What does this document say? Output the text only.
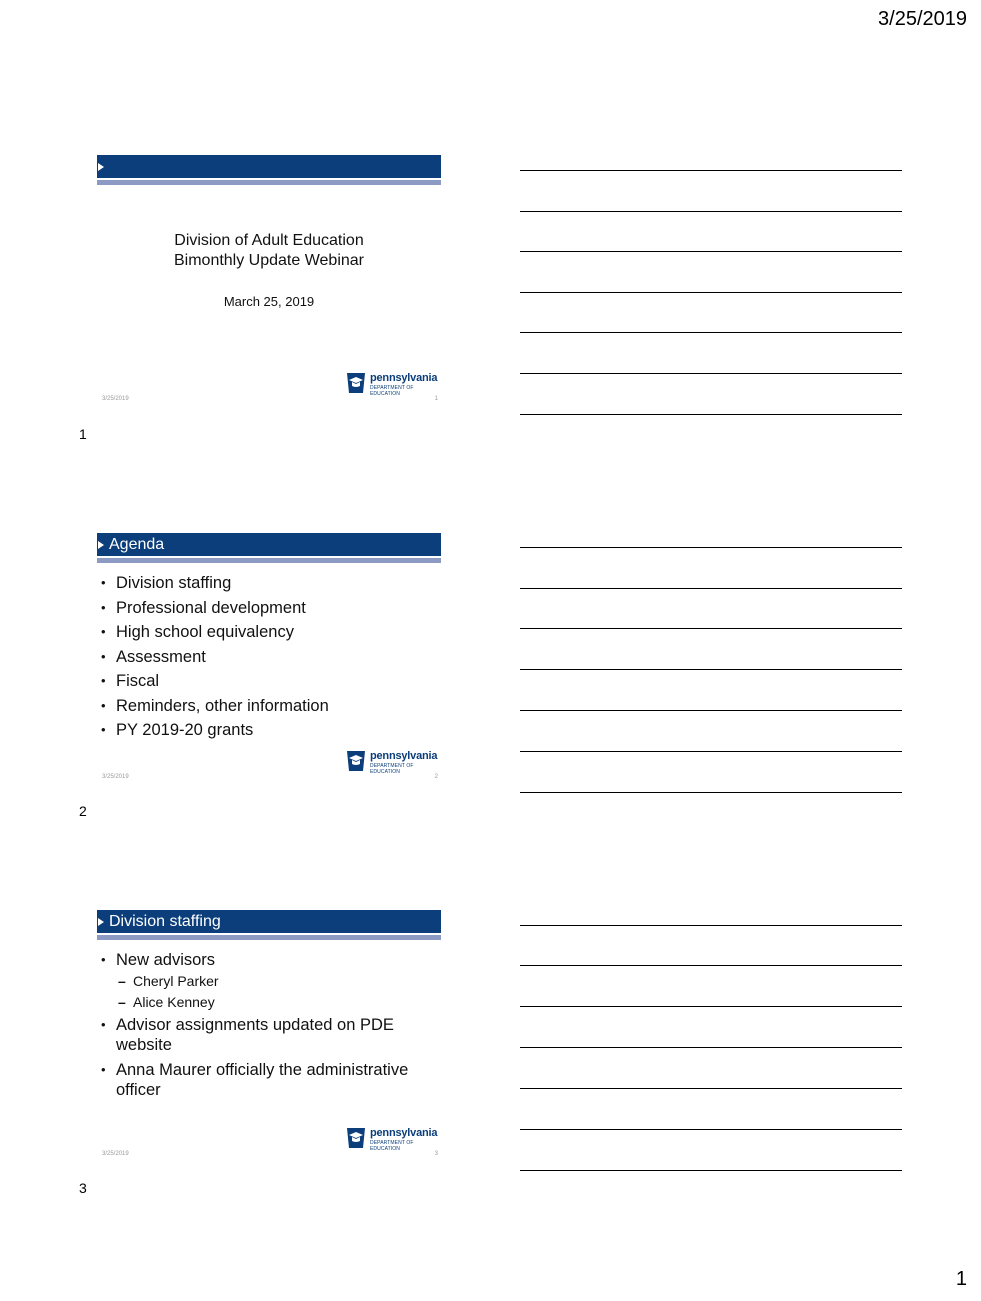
3/25/2019
Division of Adult Education
Bimonthly Update Webinar
March 25, 2019
pennsylvania
DEPARTMENT OF EDUCATION
3/25/2019	1
1
Agenda
• Division staffing
• Professional development
• High school equivalency
• Assessment
• Fiscal
• Reminders, other information
• PY 2019-20 grants
pennsylvania
DEPARTMENT OF EDUCATION
3/25/2019	2
2
Division staffing
• New advisors
– Cheryl Parker
– Alice Kenney
• Advisor assignments updated on PDE website
• Anna Maurer officially the administrative officer
pennsylvania
DEPARTMENT OF EDUCATION
3/25/2019	3
3
1
